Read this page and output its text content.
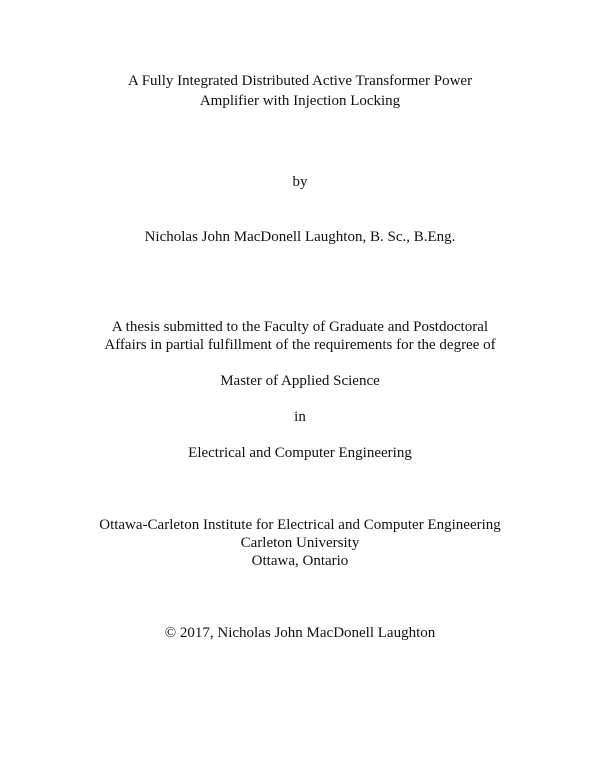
A Fully Integrated Distributed Active Transformer Power
Amplifier with Injection Locking
by
Nicholas John MacDonell Laughton, B. Sc., B.Eng.
A thesis submitted to the Faculty of Graduate and Postdoctoral
Affairs in partial fulfillment of the requirements for the degree of
Master of Applied Science
in
Electrical and Computer Engineering
Ottawa-Carleton Institute for Electrical and Computer Engineering
Carleton University
Ottawa, Ontario
© 2017, Nicholas John MacDonell Laughton
